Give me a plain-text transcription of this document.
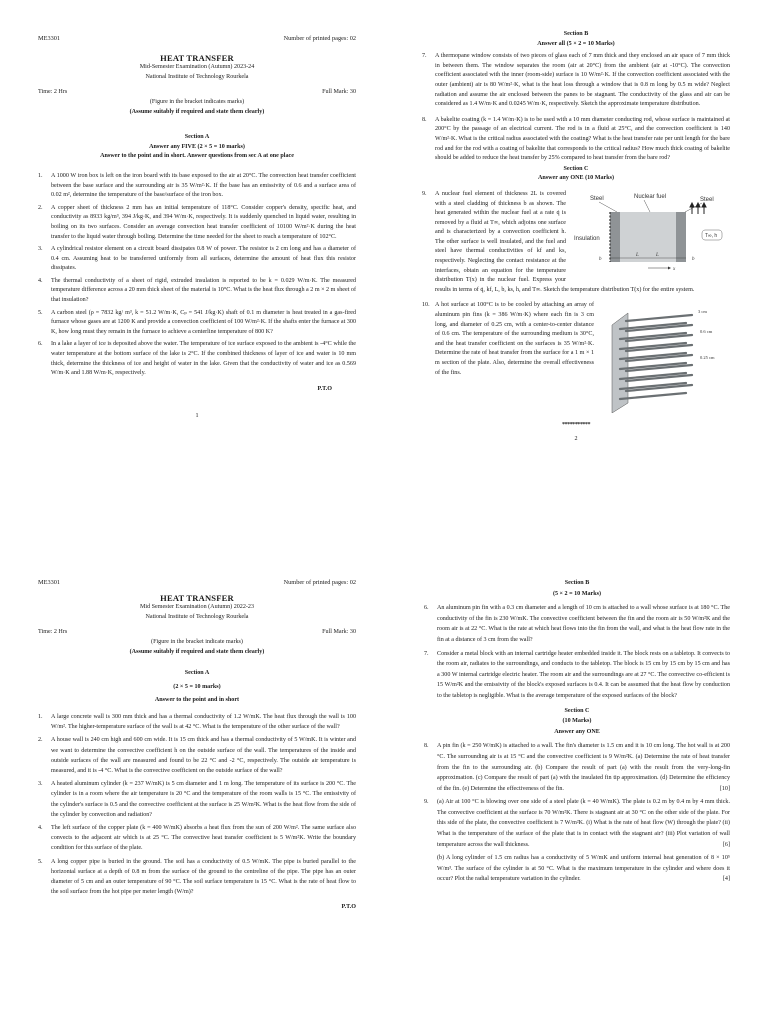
ME3301	Number of printed pages: 02
HEAT TRANSFER
Mid-Semester Examination (Autumn) 2023-24
National Institute of Technology Rourkela
Time: 2 Hrs	Full Mark: 30
(Figure in the bracket indicates marks)
(Assume suitably if required and state them clearly)
Section A
Answer any FIVE (2 × 5 = 10 marks)
Answer to the point and in short. Answer questions from sec A at one place
1.	A 1000 W iron box is left on the iron board with its base exposed to the air at 20°C. The convection heat transfer coefficient between the base surface and the surrounding air is 35 W/m²·K. If the base has an emissivity of 0.6 and a surface area of 0.02 m², determine the temperature of the base/surface of the iron box.
2.	A copper sheet of thickness 2 mm has an initial temperature of 118°C. Consider copper's density, specific heat, and conductivity as 8933 kg/m³, 394 J/kg·K, and 394 W/m·K, respectively. It is suddenly quenched in liquid water, resulting in boiling on its two surfaces. Consider an average convection heat transfer coefficient of 10100 W/m²·K during the heat transfer to the liquid water through boiling. Determine the time needed for the sheet to reach a temperature of 102°C.
3.	A cylindrical resistor element on a circuit board dissipates 0.8 W of power. The resistor is 2 cm long and has a diameter of 0.4 cm. Assuming heat to be transferred uniformly from all surfaces, determine the amount of heat flux this resistor dissipates.
4.	The thermal conductivity of a sheet of rigid, extruded insulation is reported to be k = 0.029 W/m·K. The measured temperature difference across a 20 mm thick sheet of the material is 10°C. What is the heat flux through a 2 m × 2 m sheet of that insulation?
5.	A carbon steel (ρ = 7832 kg/ m³, k = 51.2 W/m·K, Cₚ = 541 J/kg·K) shaft of 0.1 m diameter is heat treated in a gas-fired furnace whose gases are at 1200 K and provide a convection coefficient of 100 W/m²·K. If the shafts enter the furnace at 300 K, how long must they remain in the furnace to achieve a centerline temperature of 800 K?
6.	In a lake a layer of ice is deposited above the water. The temperature of ice surface exposed to the ambient is -4°C while the water temperature at the bottom surface of the lake is 2°C. If the combined thickness of layer of ice and water is 10 mm thick, determine the thickness of ice and height of water in the lake. Given that the conductivity of water and ice as 0.569 W/m·K and 1.88 W/m·K, respectively.
P.T.O
1
Section B
Answer all (5 × 2 = 10 Marks)
7.	A thermopane window consists of two pieces of glass each of 7 mm thick and they enclosed an air space of 7 mm thick in between them. The window separates the room (air at 20°C) from the ambient (air at -10°C). The convection coefficient associated with the inner (room-side) surface is 10 W/m²·K. If the convection coefficient associated with the outer (ambient) air is 80 W/m²·K, what is the heat loss through a window that is 0.8 m long by 0.5 m wide? Neglect radiation and assume the air enclosed between the panes to be stagnant. The conductivity of the glass and air can be considered as 1.4 W/m·K and 0.0245 W/m·K, respectively. Sketch the approximate temperature distribution.
8.	A bakelite coating (k = 1.4 W/m·K) is to be used with a 10 mm diameter conducting rod, whose surface is maintained at 200°C by the passage of an electrical current. The rod is in a fluid at 25°C, and the convection coefficient is 140 W/m²·K. What is the critical radius associated with the coating? What is the heat transfer rate per unit length for the bare rod and for the rod with a coating of bakelite that corresponds to the critical radius? How much thick coating of bakelite should be added to reduce the heat transfer by 25% compared to heat transfer from the bare rod?
Section C
Answer any ONE (10 Marks)
9.
Steel	Nuclear fuel	Steel
Insulation	T∞, h
b
L	L
b
x
A nuclear fuel element of thickness 2L is covered with a steel cladding of thickness b as shown. The heat generated within the nuclear fuel at a rate q̇ is removed by a fluid at T∞, which adjoins one surface and is characterized by a convection coefficient h. The other surface is well insulated, and the fuel and steel have thermal conductivities of kf and ks, respectively. Neglecting the contact resistance at the interfaces, obtain an equation for the temperature distribution T(x) in the nuclear fuel. Express your results in terms of q̇, kf, L, b, ks, h, and T∞. Sketch the temperature distribution T(x) for the entire system.
10.
3 cm
0.6 cm
0.25 cm
A hot surface at 100°C is to be cooled by attaching an array of aluminum pin fins (k = 386 W/m·K) where each fin is 3 cm long, and diameter of 0.25 cm, with a center-to-center distance of 0.6 cm. The temperature of the surrounding medium is 30°C, and the heat transfer coefficient on the surfaces is 35 W/m²·K. Determine the rate of heat transfer from the surface for a 1 m × 1 m section of the plate. Also, determine the overall effectiveness of the fins.
***********
2
ME3301	Number of printed pages: 02
HEAT TRANSFER
Mid Semester Examination (Autumn) 2022-23
National Institute of Technology Rourkela
Time: 2 Hrs	Full Mark: 30
(Figure in the bracket indicate marks)
(Assume suitably if required and state them clearly)
Section A
(2 × 5 = 10 marks)
Answer to the point and in short
1.	A large concrete wall is 300 mm thick and has a thermal conductivity of 1.2 W/mK. The heat flux through the wall is 100 W/m². The higher-temperature surface of the wall is at 42 °C. What is the temperature of the other surface of the wall?
2.	A house wall is 240 cm high and 600 cm wide. It is 15 cm thick and has a thermal conductivity of 5 W/mK. It is winter and we want to determine the convective coefficient h on the outside surface of the wall. The temperatures of the inside and outside surfaces of the wall are measured and found to be 22 °C and -2 °C, respectively. The outside air temperature is measured, and it is -4 °C. What is the convective coefficient on the outside surface of the wall?
3.	A heated aluminum cylinder (k = 237 W/mK) is 5 cm diameter and 1 m long. The temperature of its surface is 200 °C. The cylinder is in a room where the air temperature is 20 °C and the temperature of the room walls is 15 °C. The emissivity of the cylinder's surface is 0.5 and the convective coefficient at the surface is 25 W/m²K. What is the heat flow from the side of the cylinder by convection and radiation?
4.	The left surface of the copper plate (k = 400 W/mK) absorbs a heat flux from the sun of 200 W/m². The same surface also convects to the adjacent air which is at 25 °C. The convective heat transfer coefficient is 5 W/m²K. Write the boundary condition for this surface of the plate.
5.	A long copper pipe is buried in the ground. The soil has a conductivity of 0.5 W/mK. The pipe is buried parallel to the horizontal surface at a depth of 0.8 m from the surface of the ground to the centreline of the pipe. The pipe has an outer diameter of 5 cm and an outer temperature of 90 °C. The soil surface temperature is 15 °C. What is the rate of heat flow to the soil surface from the hot pipe per meter length (W/m)?
P.T.O
Section B
(5 × 2 = 10 Marks)
6.	An aluminum pin fin with a 0.3 cm diameter and a length of 10 cm is attached to a wall whose surface is at 180 °C. The conductivity of the fin is 230 W/mK. The convective coefficient between the fin and the room air is 50 W/m²K and the room air is at 22 °C. What is the rate at which heat flows into the fin from the wall, and what is the heat flow rate in the fin at a distance of 3 cm from the wall?
7.	Consider a metal block with an internal cartridge heater embedded inside it. The block rests on a tabletop. It convects to the room air, radiates to the surroundings, and conducts to the tabletop. The block is 15 cm by 15 cm by 15 cm and has a 300 W internal cartridge electric heater. The room air and the surroundings are at 27 °C. The convective co-efficient is 15 W/m²K and the emissivity of the block's exposed surfaces is 0.4. It can be assumed that the heat flow by conduction to the tabletop is negligible. What is the average temperature of the exposed surfaces of the block?
Section C
(10 Marks)
Answer any ONE
8.	A pin fin (k = 250 W/mK) is attached to a wall. The fin's diameter is 1.5 cm and it is 10 cm long. The hot wall is at 200 °C. The surrounding air is at 15 °C and the convective coefficient is 9 W/m²K. (a) Determine the rate of heat transfer from the fin to the surrounding air. (b) Compare the result of part (a) with the result from the very-long-fin approximation. (c) Compare the result of part (a) with the insulated fin tip approximation. (d) Determine the efficiency of the fin. (e) Determine the effectiveness of the fin.	[10]
9.	(a) Air at 100 °C is blowing over one side of a steel plate (k = 40 W/mK). The plate is 0.2 m by 0.4 m by 4 mm thick. The convective coefficient at the surface is 70 W/m²K. There is stagnant air at 30 °C on the other side of the plate. For this side of the plate, the convective coefficient is 7 W/m²K. (i) What is the rate of heat flow (W) through the plate? (ii) What is the temperature of the surface of the plate that is in contact with the stagnant air? (iii) Plot variation of wall temperature across the wall thickness.	[6]
(b) A long cylinder of 1.5 cm radius has a conductivity of 5 W/mK and uniform internal heat generation of 8 × 10⁵ W/m³. The surface of the cylinder is at 50 °C. What is the maximum temperature in the cylinder and where does it occur? Plot the radial temperature variation in the cylinder.	[4]
